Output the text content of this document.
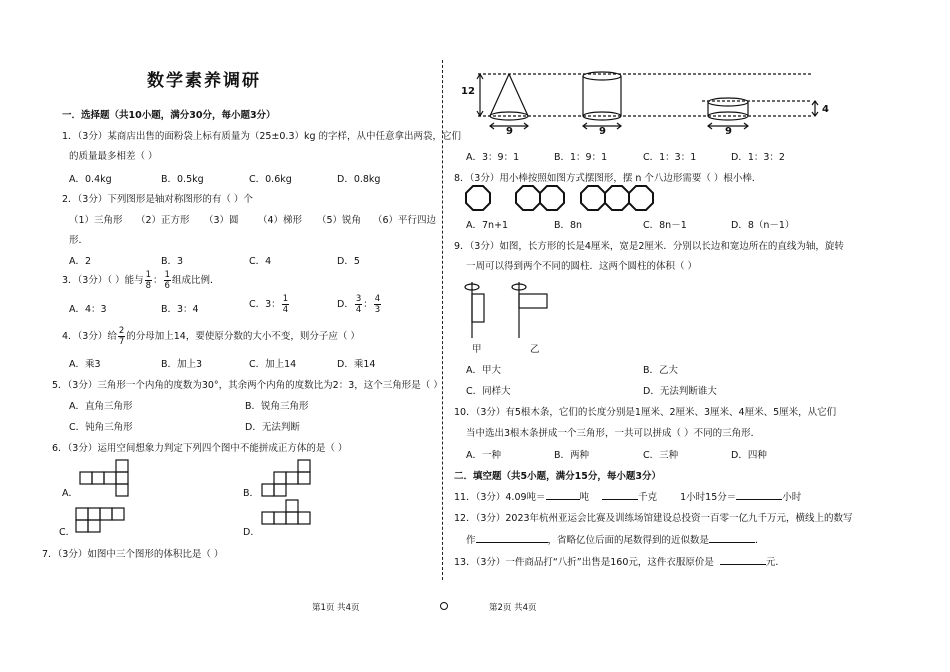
数学素养调研
一．选择题（共10小题，满分30分，每小题3分）
1．（3分）某商店出售的面粉袋上标有质量为（25±0.3）kg 的字样，从中任意拿出两袋，它们
的质量最多相差（ ）
A．0.4kg	B．0.5kg	C．0.6kg	D．0.8kg
2．（3分）下列图形是轴对称图形的有（ ）个
（1）三角形 （2）正方形 （3）圆 （4）梯形 （5）锐角 （6）平行四边
形．
A．2	B．3	C．4	D．5
3．（3分）（ ）能与 $\frac{1}{8}$ ： $\frac{1}{6}$ 组成比例．
A．4：3	B．3：4	C．3： $\frac{1}{4}$	D． $\frac{3}{4}$ ： $\frac{4}{3}$
4．（3分）给 $\frac{2}{7}$ 的分母加上14，要使原分数的大小不变，则分子应（ ）
A．乘3	B．加上3	C．加上14	D．乘14
5．（3分）三角形一个内角的度数为30°，其余两个内角的度数比为2：3，这个三角形是（ ）
A．直角三角形	B．锐角三角形
C．钝角三角形	D．无法判断
6．（3分）运用空间想象力判定下列四个图中不能拼成正方体的是（ ）
A．	B．
C．	D．
7．（3分）如图中三个图形的体积比是（ ）
第1页 共4页
12
4
9	9	9
A．3：9：1	B．1：9：1	C．1：3：1	D．1：3：2
8．（3分）用小棒按照如图方式摆图形，摆 n 个八边形需要（ ）根小棒．
A．7n+1	B．8n	C．8n－1	D．8（n－1）
9．（3分）如图，长方形的长是4厘米，宽是2厘米．分别以长边和宽边所在的直线为轴，旋转
一周可以得到两个不同的圆柱．这两个圆柱的体积（ ）
甲	乙
A．甲大	B．乙大
C．同样大	D．无法判断谁大
10．（3分）有5根木条，它们的长度分别是1厘米、2厘米、3厘米、4厘米、5厘米，从它们
当中选出3根木条拼成一个三角形，一共可以拼成（ ）不同的三角形．
A．一种	B．两种	C．三种	D．四种
二．填空题（共5小题，满分15分，每小题3分）
11．（3分）4.09吨＝	吨	千克 1小时15分＝	小时
12．（3分）2023年杭州亚运会比赛及训练场馆建设总投资一百零一亿九千万元，横线上的数写
作	，省略亿位后面的尾数得到的近似数是	．
13．（3分）一件商品打“八折”出售是160元，这件衣服原价是	元．
第2页 共4页
